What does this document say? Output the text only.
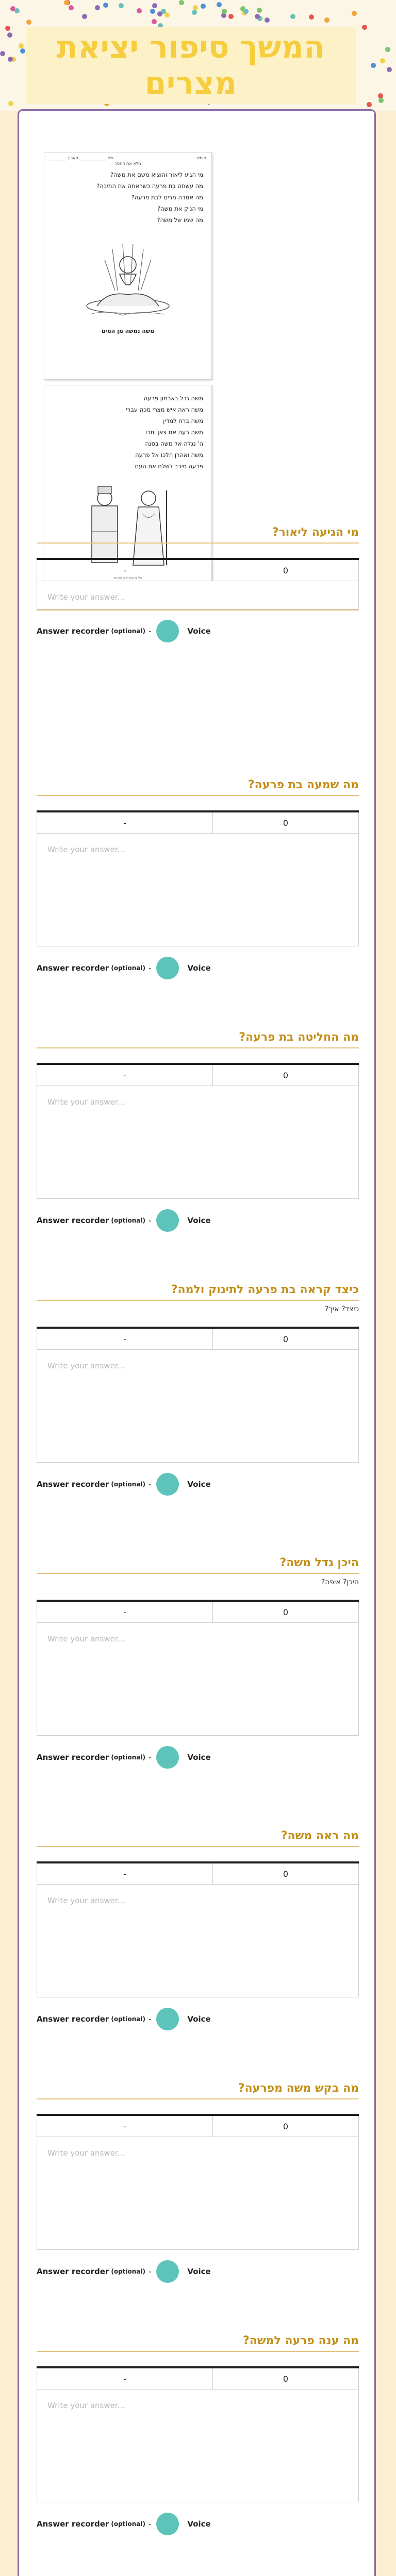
המשך סיפור יציאת מצרים
חומש
שם _____________ תאריך ________
מלא את החסר
מי הגיע ליאור והוציא משם את משה?
מה עשתה בת פרעה כשראתה את התיבה?
מה אמרה מרים לבת פרעה?
מי הניק את משה?
מה שמו של משה?
משה נמשה מן המים
משה גדל בארמון פרעה
משה ראה איש מצרי מכה עברי
משה ברח למדין
משה רעה את צאן יתרו
ה' נגלה אל משה בסנה
משה ואהרן הלכו אל פרעה
פרעה סירב לשלח את העם
כל הזכויות שמורות
מי הגיעה ליאור?
-	0
Write your answer...
Answer recorder (optional) -	Voice
מה שמעה בת פרעה?
-	0
Write your answer...
Answer recorder (optional) -	Voice
מה החליטה בת פרעה?
-	0
Write your answer...
Answer recorder (optional) -	Voice
כיצד קראה בת פרעה לתינוק ולמה?
כיצד? איך?
-	0
Write your answer...
Answer recorder (optional) -	Voice
היכן גדל משה?
היכן? איפה?
-	0
Write your answer...
Answer recorder (optional) -	Voice
מה ראה משה?
-	0
Write your answer...
Answer recorder (optional) -	Voice
מה בקש משה מפרעה?
-	0
Write your answer...
Answer recorder (optional) -	Voice
מה ענה פרעה למשה?
-	0
Write your answer...
Answer recorder (optional) -	Voice
